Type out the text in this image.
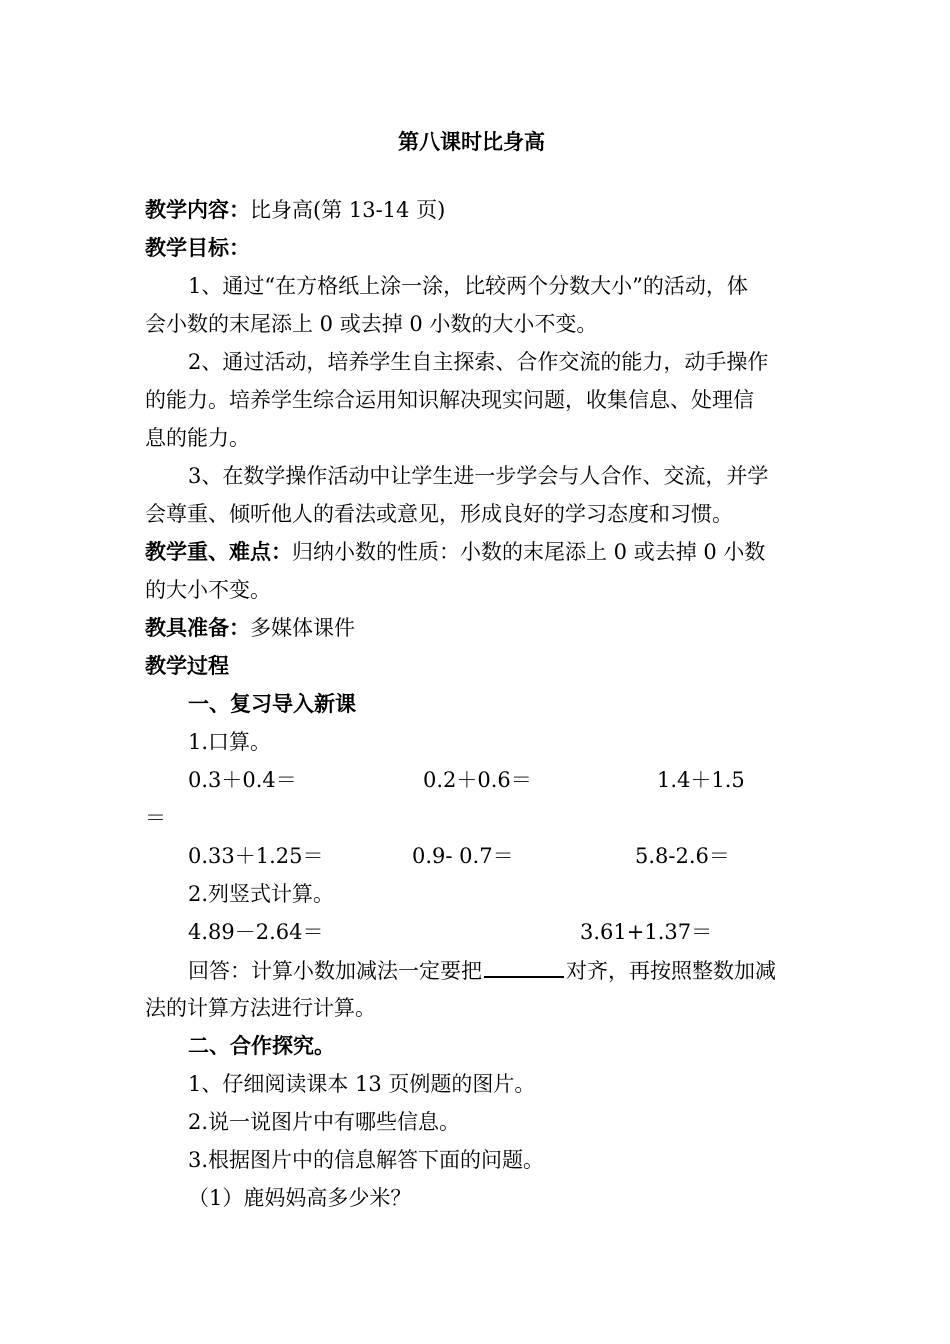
第八课时比身高
教学内容：比身高(第 13-14 页)
教学目标：
1、通过“在方格纸上涂一涂，比较两个分数大小”的活动，体
会小数的末尾添上 0 或去掉 0 小数的大小不变。
2、通过活动，培养学生自主探索、合作交流的能力，动手操作
的能力。培养学生综合运用知识解决现实问题，收集信息、处理信
息的能力。
3、在数学操作活动中让学生进一步学会与人合作、交流，并学
会尊重、倾听他人的看法或意见，形成良好的学习态度和习惯。
教学重、难点：归纳小数的性质：小数的末尾添上 0 或去掉 0 小数
的大小不变。
教具准备：多媒体课件
教学过程
一、复习导入新课
1.口算。
0.3＋0.4＝	0.2＋0.6＝	1.4＋1.5
＝
0.33＋1.25＝	0.9- 0.7＝	5.8-2.6＝
2.列竖式计算。
4.89－2.64＝	3.61+1.37＝
回答：计算小数加减法一定要把	对齐，再按照整数加减
法的计算方法进行计算。
二、合作探究。
1、仔细阅读课本 13 页例题的图片。
2.说一说图片中有哪些信息。
3.根据图片中的信息解答下面的问题。
（1）鹿妈妈高多少米？
